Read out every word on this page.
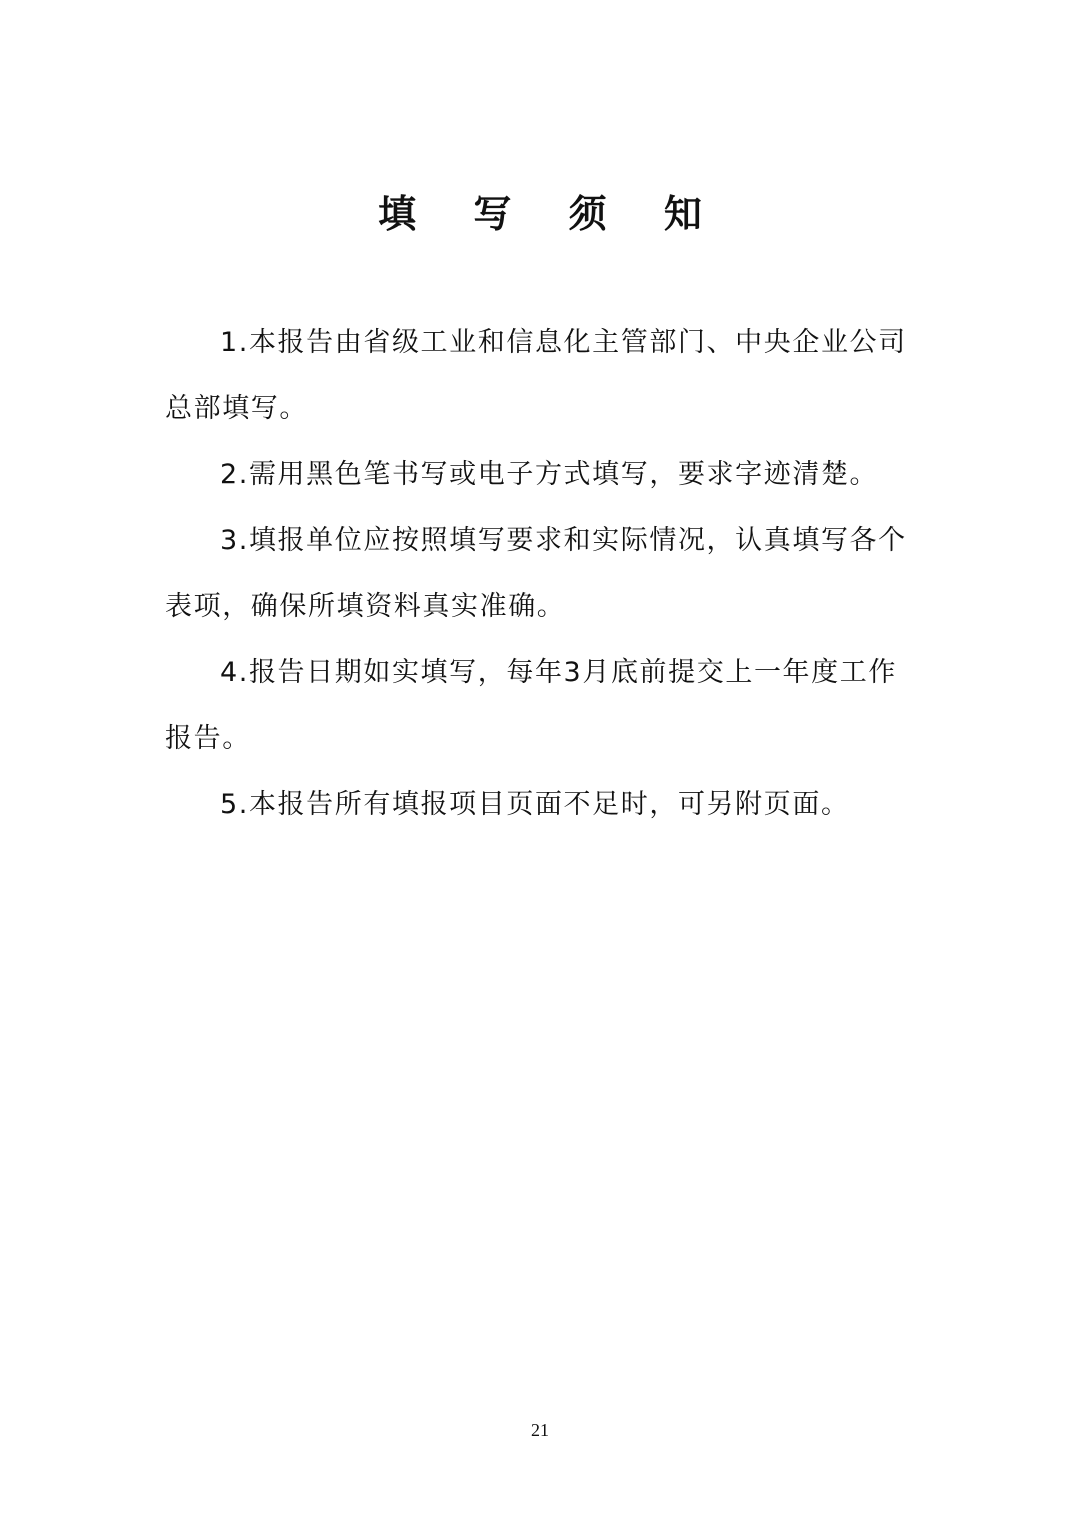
填 写 须 知

1.本报告由省级工业和信息化主管部门、中央企业公司总部填写。

2.需用黑色笔书写或电子方式填写，要求字迹清楚。

3.填报单位应按照填写要求和实际情况，认真填写各个表项，确保所填资料真实准确。

4.报告日期如实填写，每年3月底前提交上一年度工作报告。

5.本报告所有填报项目页面不足时，可另附页面。

21
